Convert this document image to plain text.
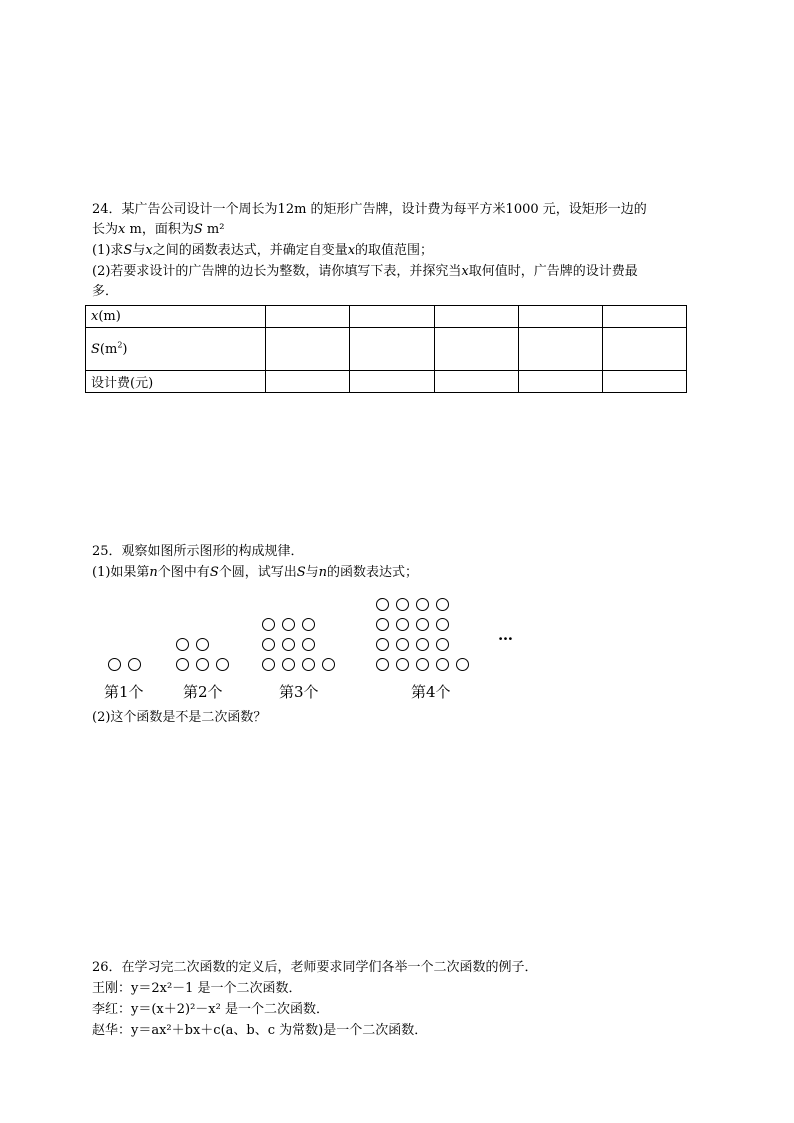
24．某广告公司设计一个周长为12m 的矩形广告牌，设计费为每平方米1000 元，设矩形一边的
长为x m，面积为S m²
(1)求S与x之间的函数表达式，并确定自变量x的取值范围；
(2)若要求设计的广告牌的边长为整数，请你填写下表，并探究当x取何值时，广告牌的设计费最
多．
x(m)					
$S(m^2)$					
设计费(元)					
25．观察如图所示图形的构成规律．
(1)如果第n个图中有S个圆，试写出S与n的函数表达式；
第1个	第2个	第3个	第4个
…
(2)这个函数是不是二次函数？
26．在学习完二次函数的定义后，老师要求同学们各举一个二次函数的例子．
王刚：y＝2x²－1 是一个二次函数．
李红：y＝(x＋2)²－x² 是一个二次函数．
赵华：y＝ax²＋bx＋c(a、b、c 为常数)是一个二次函数．
